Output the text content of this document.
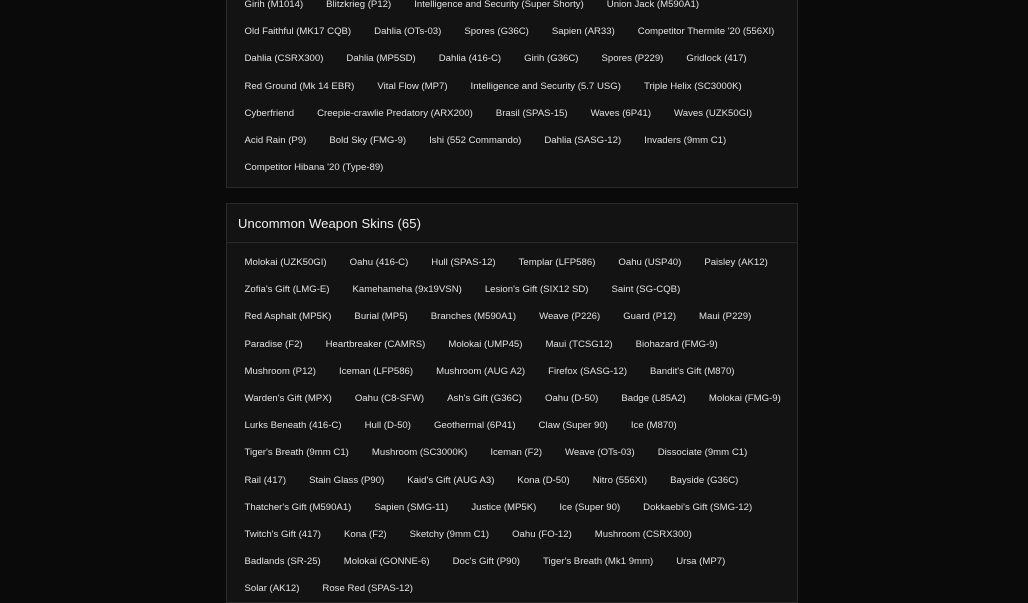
Girih (M1014)	Blitzkrieg (P12)	Intelligence and Security (Super Shorty)	Union Jack (M590A1)
Old Faithful (MK17 CQB)	Dahlia (OTs-03)	Spores (G36C)	Sapien (AR33)	Competitor Thermite '20 (556XI)
Dahlia (CSRX300)	Dahlia (MP5SD)	Dahlia (416-C)	Girih (G36C)	Spores (P229)	Gridlock (417)
Red Ground (Mk 14 EBR)	Vital Flow (MP7)	Intelligence and Security (5.7 USG)	Triple Helix (SC3000K)
Cyberfriend	Creepie-crawlie Predatory (ARX200)	Brasil (SPAS-15)	Waves (6P41)	Waves (UZK50GI)
Acid Rain (P9)	Bold Sky (FMG-9)	Ishi (552 Commando)	Dahlia (SASG-12)	Invaders (9mm C1)
Competitor Hibana '20 (Type-89)
Uncommon Weapon Skins (65)
Molokai (UZK50GI)	Oahu (416-C)	Hull (SPAS-12)	Templar (LFP586)	Oahu (USP40)	Paisley (AK12)
Zofia's Gift (LMG-E)	Kamehameha (9x19VSN)	Lesion's Gift (SIX12 SD)	Saint (SG-CQB)
Red Asphalt (MP5K)	Burial (MP5)	Branches (M590A1)	Weave (P226)	Guard (P12)	Maui (P229)
Paradise (F2)	Heartbreaker (CAMRS)	Molokai (UMP45)	Maui (TCSG12)	Biohazard (FMG-9)
Mushroom (P12)	Iceman (LFP586)	Mushroom (AUG A2)	Firefox (SASG-12)	Bandit's Gift (M870)
Warden's Gift (MPX)	Oahu (C8-SFW)	Ash's Gift (G36C)	Oahu (D-50)	Badge (L85A2)	Molokai (FMG-9)
Lurks Beneath (416-C)	Hull (D-50)	Geothermal (6P41)	Claw (Super 90)	Ice (M870)
Tiger's Breath (9mm C1)	Mushroom (SC3000K)	Iceman (F2)	Weave (OTs-03)	Dissociate (9mm C1)
Rail (417)	Stain Glass (P90)	Kaid's Gift (AUG A3)	Kona (D-50)	Nitro (556XI)	Bayside (G36C)
Thatcher's Gift (M590A1)	Sapien (SMG-11)	Justice (MP5K)	Ice (Super 90)	Dokkaebi's Gift (SMG-12)
Twitch's Gift (417)	Kona (F2)	Sketchy (9mm C1)	Oahu (FO-12)	Mushroom (CSRX300)
Badlands (SR-25)	Molokai (GONNE-6)	Doc's Gift (P90)	Tiger's Breath (Mk1 9mm)	Ursa (MP7)
Solar (AK12)	Rose Red (SPAS-12)
